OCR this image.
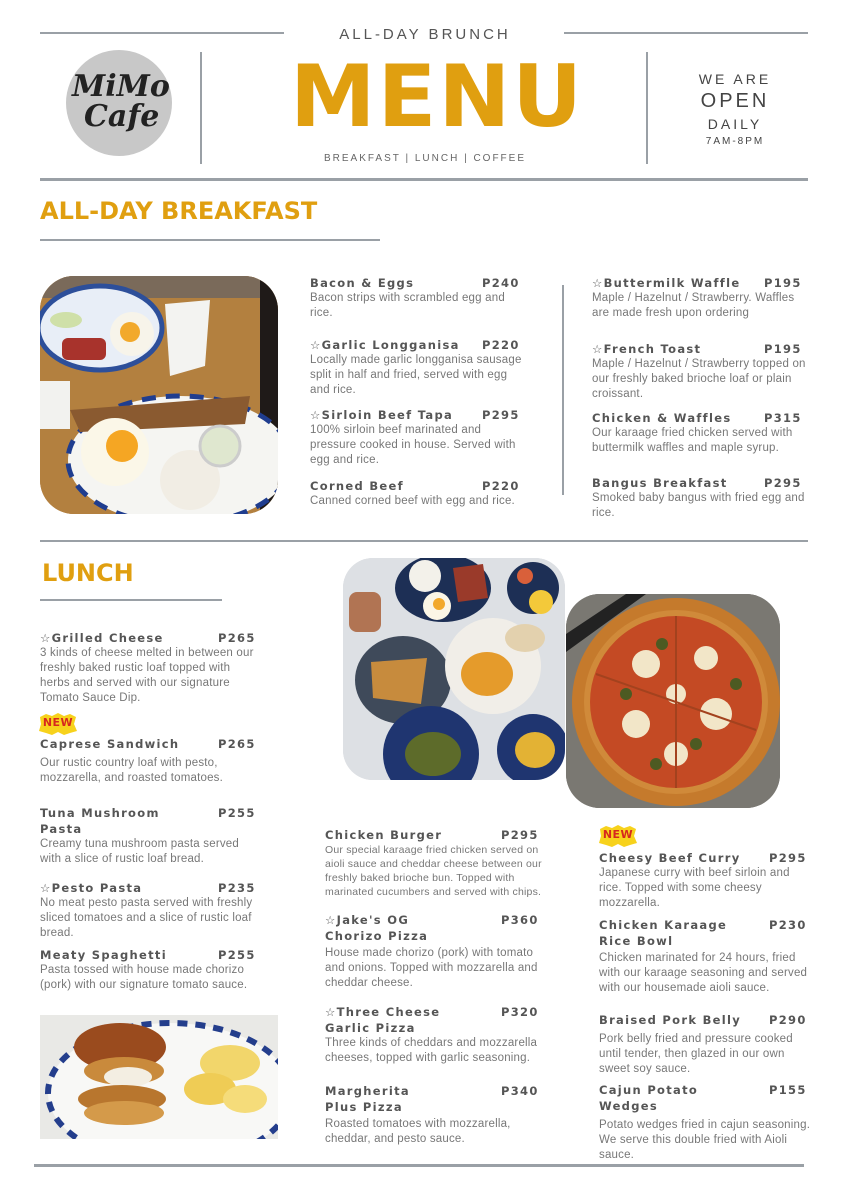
ALL-DAY BRUNCH
MiMo
Cafe MENU
BREAKFAST | LUNCH | COFFEE
WE ARE
OPEN
DAILY
7AM-8PM
ALL-DAY BREAKFAST
Bacon & Eggs	P240
Bacon strips with scrambled egg and rice.
☆Garlic Longganisa	P220
Locally made garlic longganisa sausage split in half and fried, served with egg and rice.
☆Sirloin Beef Tapa	P295
100% sirloin beef marinated and pressure cooked in house. Served with egg and rice.
Corned Beef	P220
Canned corned beef with egg and rice.
☆Buttermilk Waffle	P195
Maple / Hazelnut / Strawberry. Waffles are made fresh upon ordering
☆French Toast	P195
Maple / Hazelnut / Strawberry topped on our freshly baked brioche loaf or plain croissant.
Chicken & Waffles	P315
Our karaage fried chicken served with buttermilk waffles and maple syrup.
Bangus Breakfast	P295
Smoked baby bangus with fried egg and rice.
LUNCH
☆Grilled Cheese	P265
3 kinds of cheese melted in between our freshly baked rustic loaf topped with herbs and served with our signature Tomato Sauce Dip.
NEW
Caprese Sandwich	P265
Our rustic country loaf with pesto, mozzarella, and roasted tomatoes.
Tuna Mushroom Pasta
P255
Creamy tuna mushroom pasta served with a slice of rustic loaf bread.
☆Pesto Pasta	P235
No meat pesto pasta served with freshly sliced tomatoes and a slice of rustic loaf bread.
Meaty Spaghetti	P255
Pasta tossed with house made chorizo (pork) with our signature tomato sauce.
Chicken Burger	P295
Our special karaage fried chicken served on aioli sauce and cheddar cheese between our freshly baked brioche bun. Topped with marinated cucumbers and served with chips.
☆Jake's OG Chorizo Pizza
P360
House made chorizo (pork) with tomato and onions. Topped with mozzarella and cheddar cheese.
☆Three Cheese Garlic Pizza
P320
Three kinds of cheddars and mozzarella cheeses, topped with garlic seasoning.
Margherita Plus Pizza
P340
Roasted tomatoes with mozzarella, cheddar, and pesto sauce.
NEW
Cheesy Beef Curry	P295
Japanese curry with beef sirloin and rice. Topped with some cheesy mozzarella.
Chicken Karaage Rice Bowl
P230
Chicken marinated for 24 hours, fried with our karaage seasoning and served with our housemade aioli sauce.
Braised Pork Belly	P290
Pork belly fried and pressure cooked until tender, then glazed in our own sweet soy sauce.
Cajun Potato Wedges
P155
Potato wedges fried in cajun seasoning. We serve this double fried with Aioli sauce.
